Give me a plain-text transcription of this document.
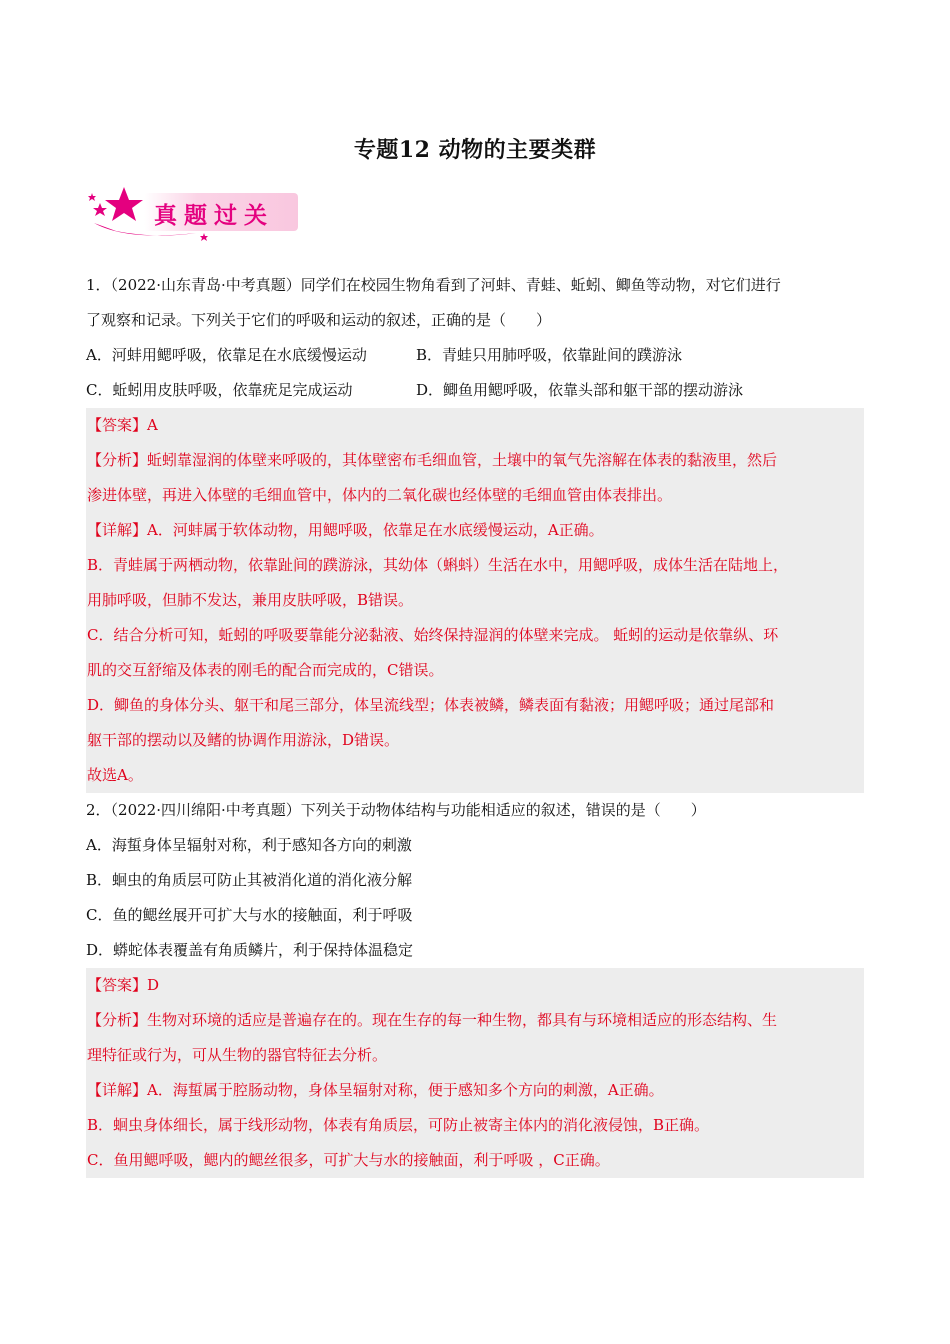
专题12 动物的主要类群
真题过关
1．（2022·山东青岛·中考真题）同学们在校园生物角看到了河蚌、青蛙、蚯蚓、鲫鱼等动物，对它们进行
了观察和记录。下列关于它们的呼吸和运动的叙述，正确的是（　　）
A．河蚌用鳃呼吸，依靠足在水底缓慢运动	B．青蛙只用肺呼吸，依靠趾间的蹼游泳
C．蚯蚓用皮肤呼吸，依靠疣足完成运动	D．鲫鱼用鳃呼吸，依靠头部和躯干部的摆动游泳
【答案】A
【分析】蚯蚓靠湿润的体壁来呼吸的，其体壁密布毛细血管，土壤中的氧气先溶解在体表的黏液里，然后
渗进体壁，再进入体壁的毛细血管中，体内的二氧化碳也经体壁的毛细血管由体表排出。
【详解】A．河蚌属于软体动物，用鳃呼吸，依靠足在水底缓慢运动，A正确。
B．青蛙属于两栖动物，依靠趾间的蹼游泳，其幼体（蝌蚪）生活在水中，用鳃呼吸，成体生活在陆地上，
用肺呼吸，但肺不发达，兼用皮肤呼吸，B错误。
C．结合分析可知，蚯蚓的呼吸要靠能分泌黏液、始终保持湿润的体壁来完成。 蚯蚓的运动是依靠纵、环
肌的交互舒缩及体表的刚毛的配合而完成的，C错误。
D．鲫鱼的身体分头、躯干和尾三部分，体呈流线型；体表被鳞，鳞表面有黏液；用鳃呼吸；通过尾部和
躯干部的摆动以及鳍的协调作用游泳，D错误。
故选A。
2．（2022·四川绵阳·中考真题）下列关于动物体结构与功能相适应的叙述，错误的是（　　）
A．海蜇身体呈辐射对称，利于感知各方向的刺激
B．蛔虫的角质层可防止其被消化道的消化液分解
C．鱼的鳃丝展开可扩大与水的接触面，利于呼吸
D．蟒蛇体表覆盖有角质鳞片，利于保持体温稳定
【答案】D
【分析】生物对环境的适应是普遍存在的。现在生存的每一种生物，都具有与环境相适应的形态结构、生
理特征或行为，可从生物的器官特征去分析。
【详解】A．海蜇属于腔肠动物，身体呈辐射对称，便于感知多个方向的刺激，A正确。
B．蛔虫身体细长，属于线形动物，体表有角质层，可防止被寄主体内的消化液侵蚀，B正确。
C．鱼用鳃呼吸，鳃内的鳃丝很多，可扩大与水的接触面，利于呼吸 ，C正确。
